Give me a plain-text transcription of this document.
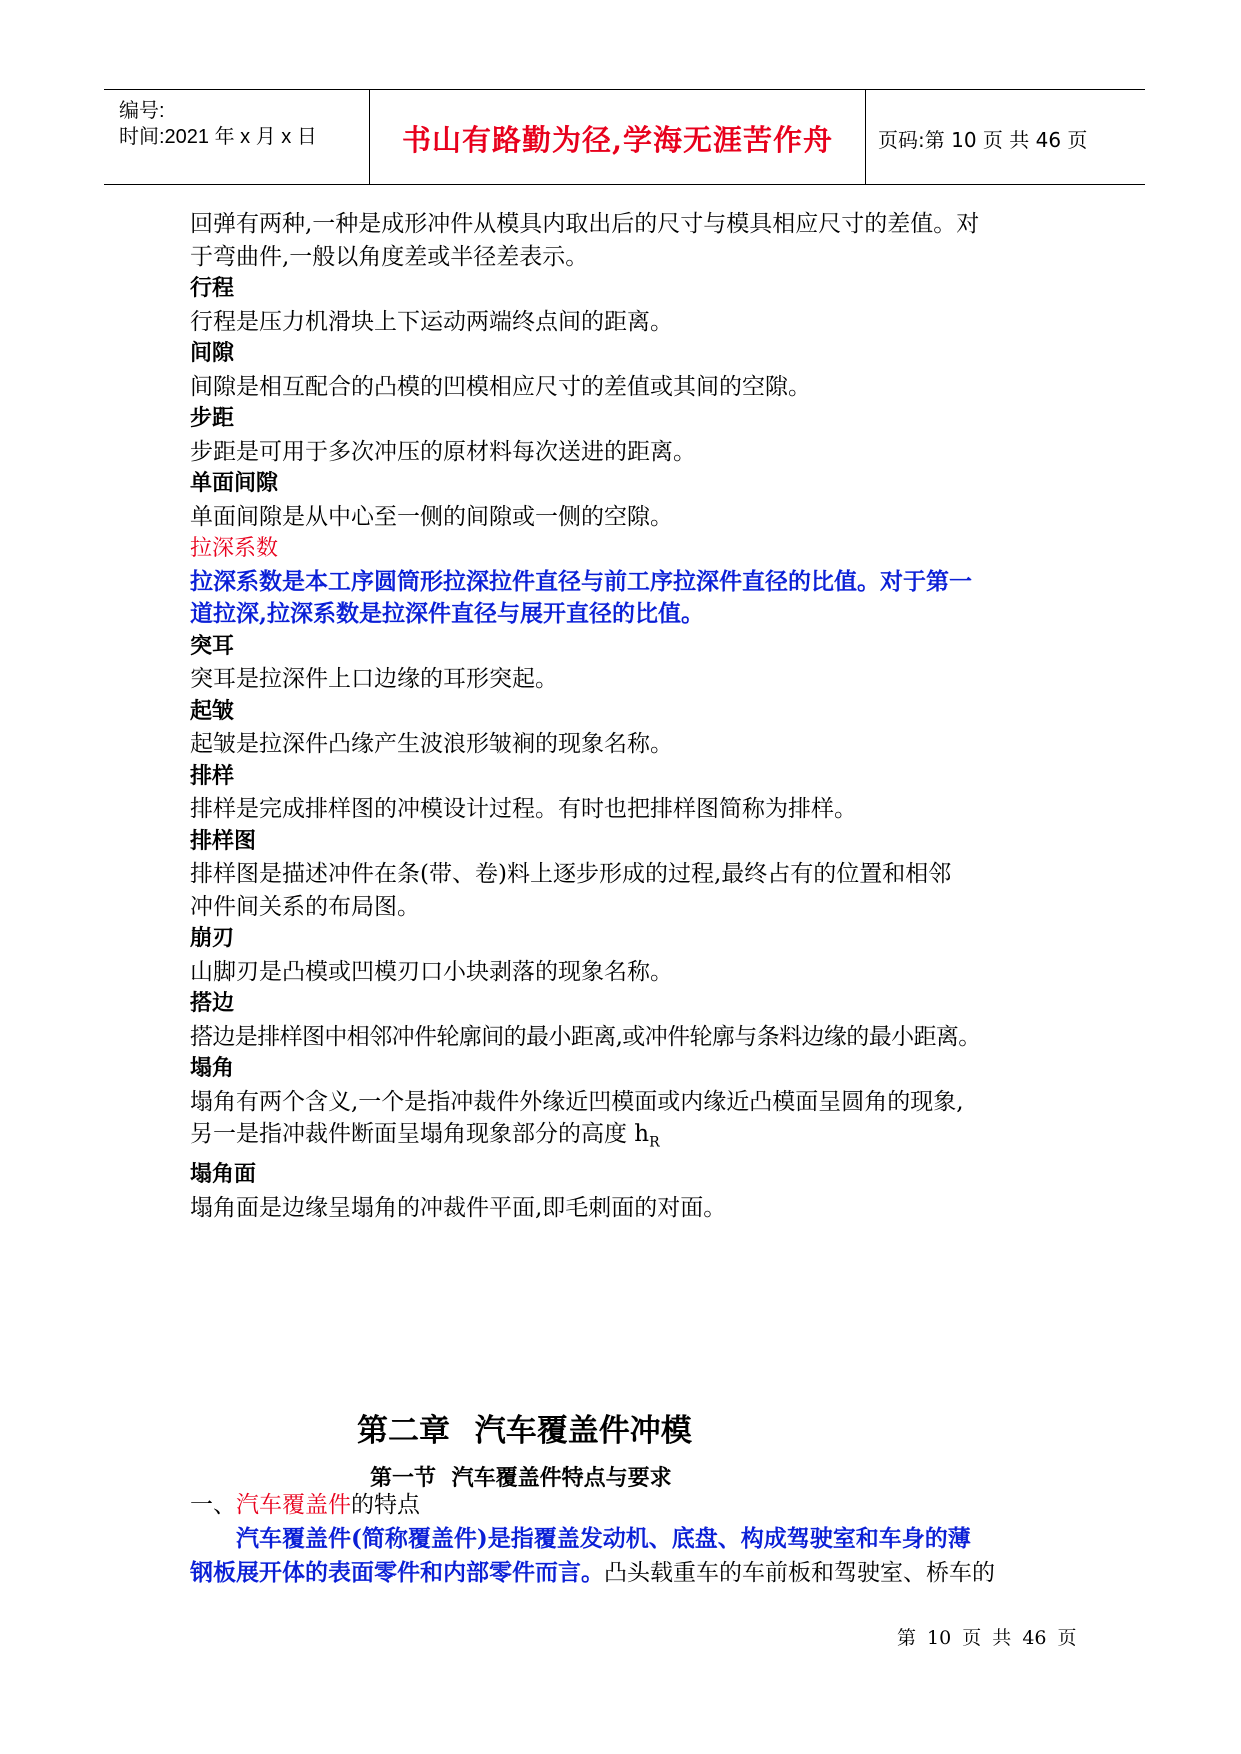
编号:
时间:2021 年 x 月 x 日	书山有路勤为径,学海无涯苦作舟	页码:第 10 页 共 46 页

回弹有两种,一种是成形冲件从模具内取出后的尺寸与模具相应尺寸的差值。对

于弯曲件,一般以角度差或半径差表示。

行程

行程是压力机滑块上下运动两端终点间的距离。

间隙

间隙是相互配合的凸模的凹模相应尺寸的差值或其间的空隙。

步距

步距是可用于多次冲压的原材料每次送进的距离。

单面间隙

单面间隙是从中心至一侧的间隙或一侧的空隙。

拉深系数

拉深系数是本工序圆筒形拉深拉件直径与前工序拉深件直径的比值。对于第一

道拉深,拉深系数是拉深件直径与展开直径的比值。

突耳

突耳是拉深件上口边缘的耳形突起。

起皱

起皱是拉深件凸缘产生波浪形皱裥的现象名称。

排样

排样是完成排样图的冲模设计过程。有时也把排样图简称为排样。

排样图

排样图是描述冲件在条(带、卷)料上逐步形成的过程,最终占有的位置和相邻

冲件间关系的布局图。

崩刃

山脚刃是凸模或凹模刃口小块剥落的现象名称。

搭边

搭边是排样图中相邻冲件轮廓间的最小距离,或冲件轮廓与条料边缘的最小距离。

塌角

塌角有两个含义,一个是指冲裁件外缘近凹模面或内缘近凸模面呈圆角的现象,

另一是指冲裁件断面呈塌角现象部分的高度 $h_R$

塌角面

塌角面是边缘呈塌角的冲裁件平面,即毛刺面的对面。

第二章 汽车覆盖件冲模
第一节 汽车覆盖件特点与要求

一、汽车覆盖件的特点

汽车覆盖件(简称覆盖件)是指覆盖发动机、底盘、构成驾驶室和车身的薄

钢板展开体的表面零件和内部零件而言。凸头载重车的车前板和驾驶室、桥车的

第 10 页 共 46 页
